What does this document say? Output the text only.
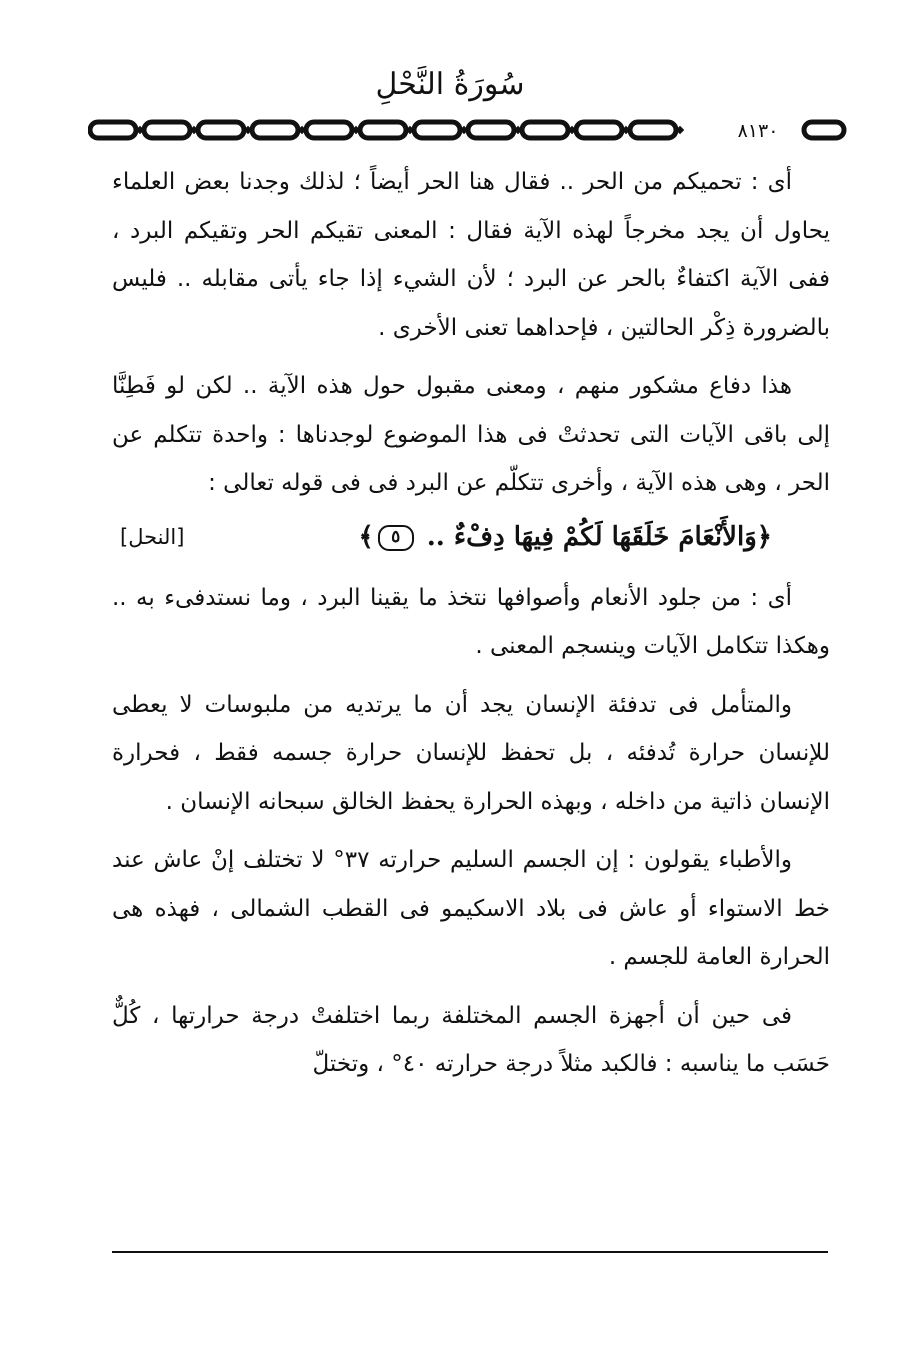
سُورَةُ النَّحْلِ
٨١٣٠

أى : تحميكم من الحر .. فقال هنا الحر أيضاً ؛ لذلك وجدنا بعض العلماء يحاول أن يجد مخرجاً لهذه الآية فقال : المعنى تقيكم الحر وتقيكم البرد ، ففى الآية اكتفاءٌ بالحر عن البرد ؛ لأن الشيء إذا جاء يأتى مقابله .. فليس بالضرورة ذِكْر الحالتين ، فإحداهما تعنى الأخرى .

هذا دفاع مشكور منهم ، ومعنى مقبول حول هذه الآية .. لكن لو فَطِنَّا إلى باقى الآيات التى تحدثتْ فى هذا الموضوع لوجدناها : واحدة تتكلم عن الحر ، وهى هذه الآية ، وأخرى تتكلّم عن البرد فى فى قوله تعالى :

﴿وَالأَنْعَامَ خَلَقَهَا لَكُمْ فِيهَا دِفْءٌ .. ٥﴾
[النحل]

أى : من جلود الأنعام وأصوافها نتخذ ما يقينا البرد ، وما نستدفىء به .. وهكذا تتكامل الآيات وينسجم المعنى .

والمتأمل فى تدفئة الإنسان يجد أن ما يرتديه من ملبوسات لا يعطى للإنسان حرارة تُدفئه ، بل تحفظ للإنسان حرارة جسمه فقط ، فحرارة الإنسان ذاتية من داخله ، وبهذه الحرارة يحفظ الخالق سبحانه الإنسان .

والأطباء يقولون : إن الجسم السليم حرارته ٣٧° لا تختلف إنْ عاش عند خط الاستواء أو عاش فى بلاد الاسكيمو فى القطب الشمالى ، فهذه هى الحرارة العامة للجسم .

فى حين أن أجهزة الجسم المختلفة ربما اختلفتْ درجة حرارتها ، كُلٌّ حَسَب ما يناسبه : فالكبد مثلاً درجة حرارته ٤٠° ، وتختلّ
